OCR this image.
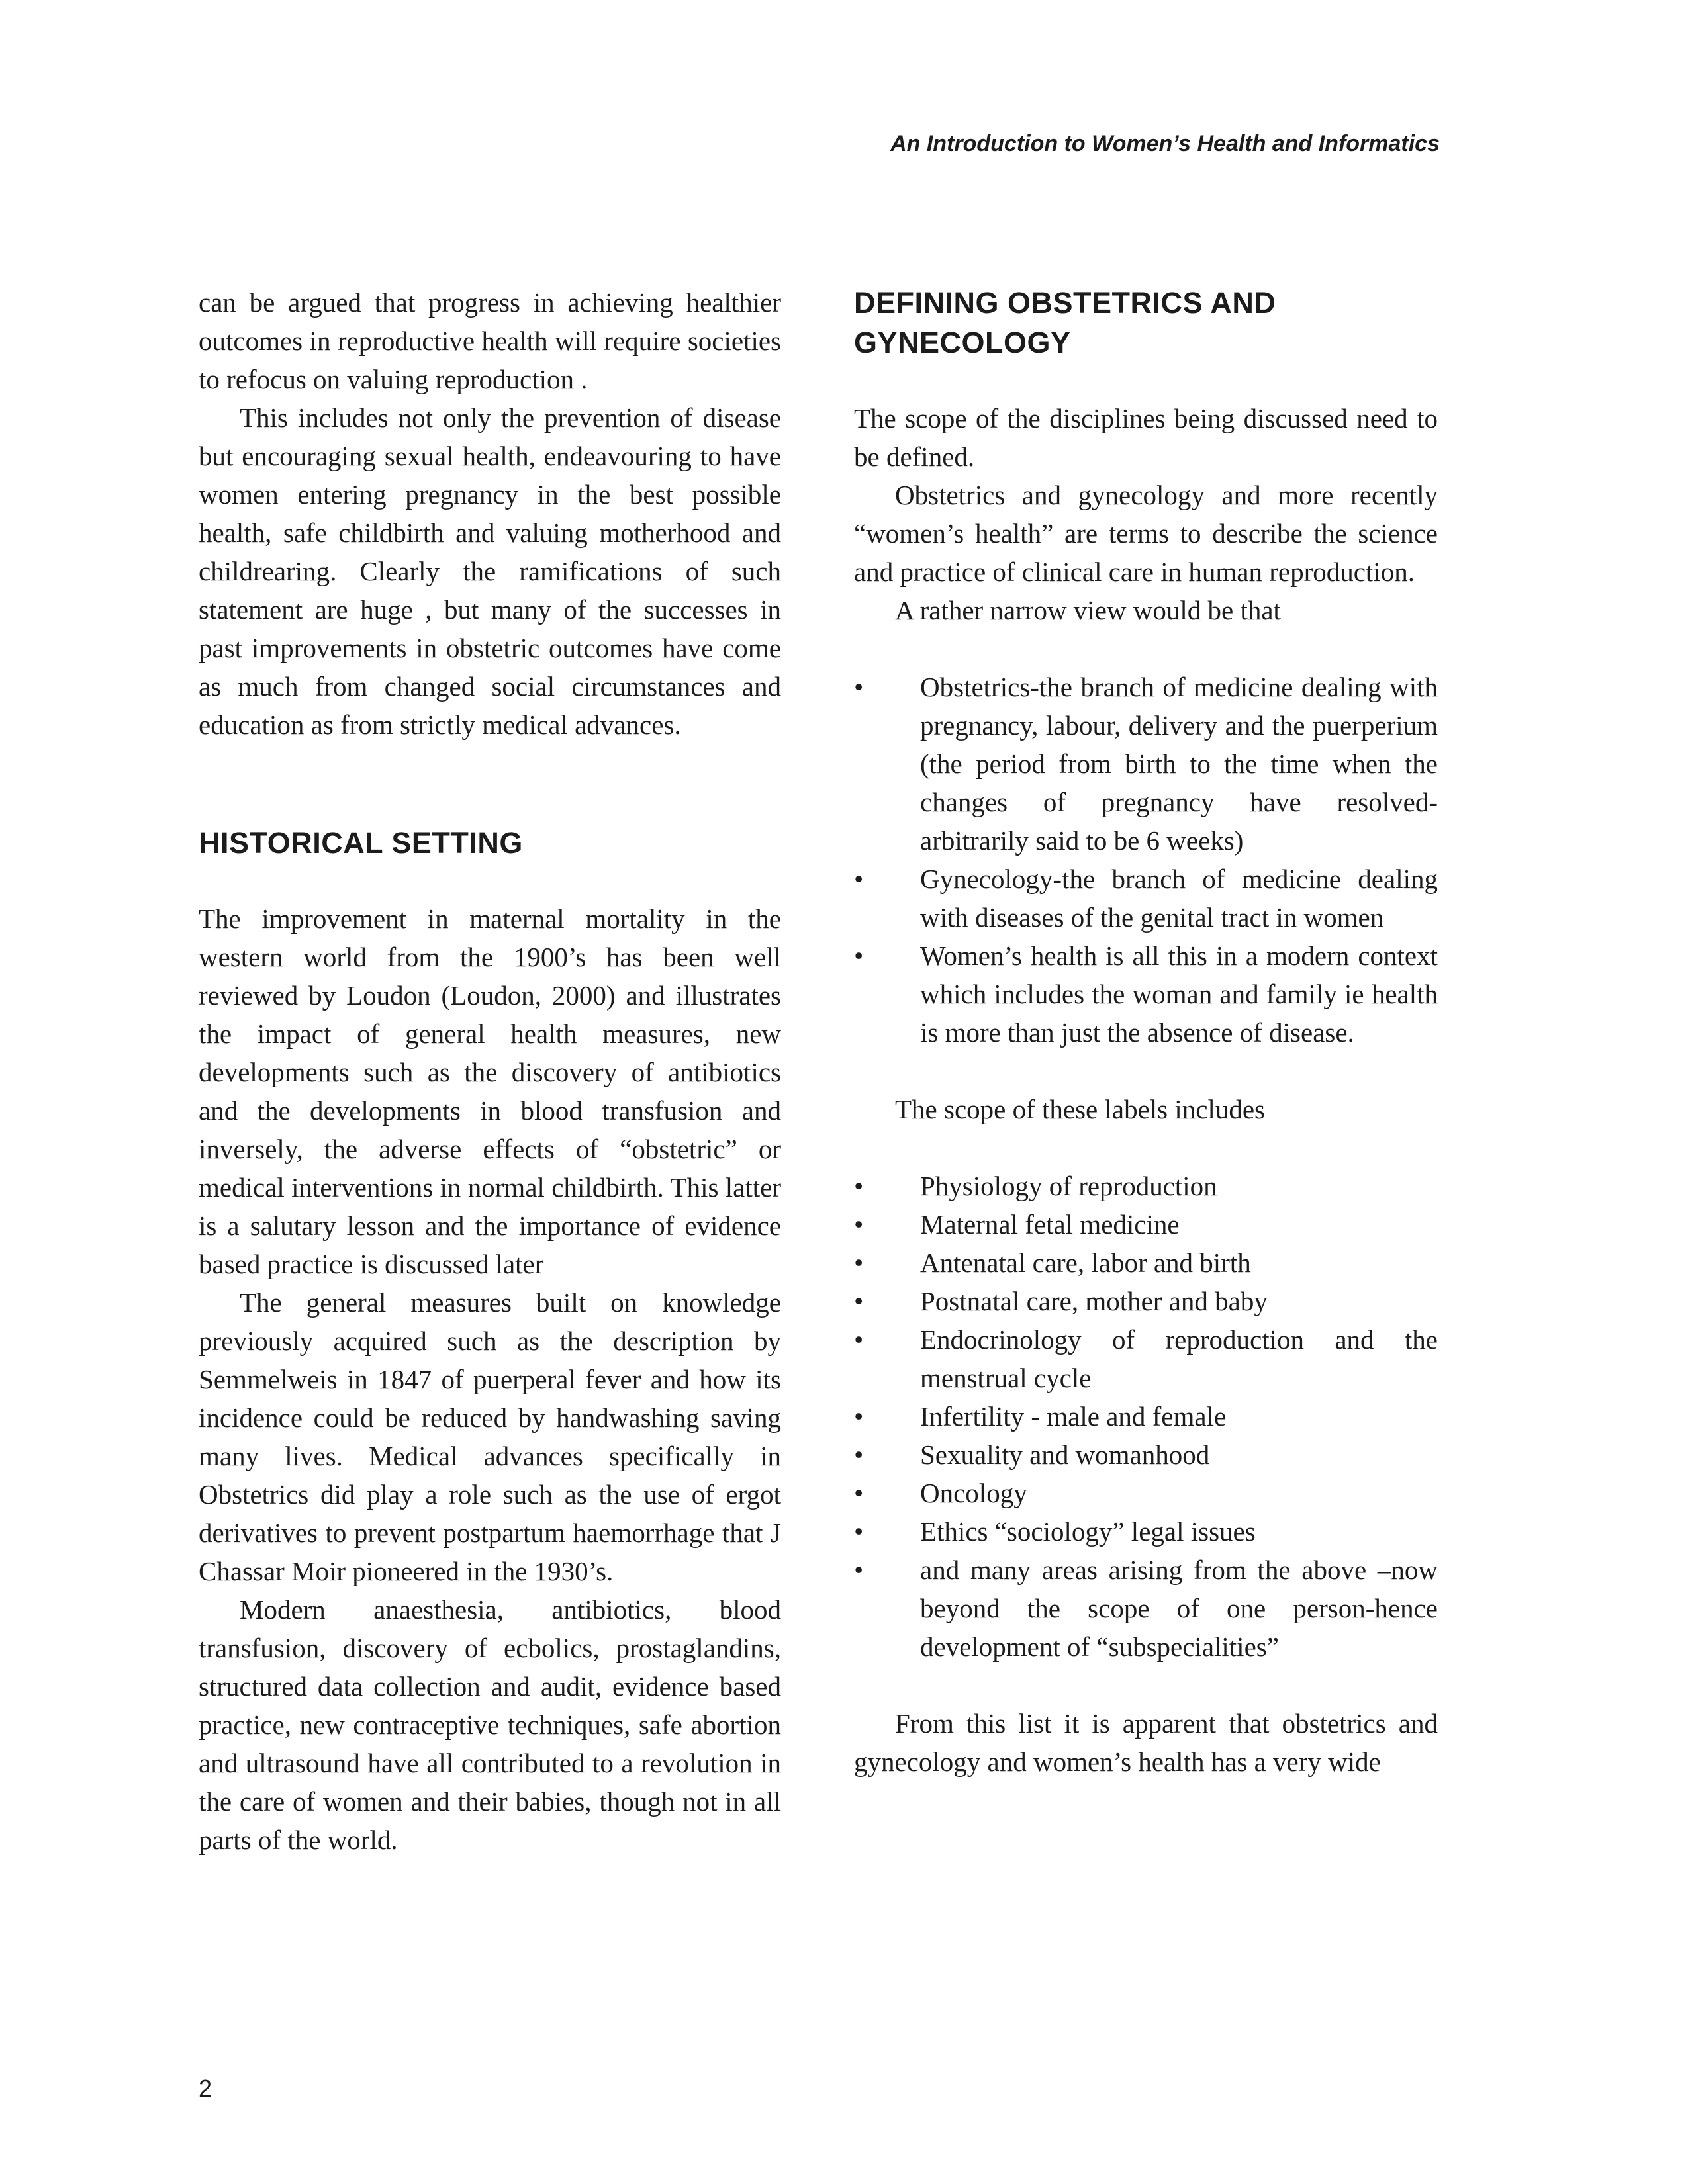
An Introduction to Women’s Health and Informatics

can be argued that progress in achieving healthier outcomes in reproductive health will require societies to refocus on valuing reproduction .

This includes not only the prevention of disease but encouraging sexual health, endeavouring to have women entering pregnancy in the best possible health, safe childbirth and valuing motherhood and childrearing. Clearly the ramifications of such statement are huge , but many of the successes in past improvements in obstetric outcomes have come as much from changed social circumstances and education as from strictly medical advances.

HISTORICAL SETTING

The improvement in maternal mortality in the western world from the 1900’s has been well reviewed by Loudon (Loudon, 2000) and illustrates the impact of general health measures, new developments such as the discovery of antibiotics and the developments in blood transfusion and inversely, the adverse effects of “obstetric” or medical interventions in normal childbirth. This latter is a salutary lesson and the importance of evidence based practice is discussed later

The general measures built on knowledge previously acquired such as the description by Semmelweis in 1847 of puerperal fever and how its incidence could be reduced by handwashing saving many lives. Medical advances specifically in Obstetrics did play a role such as the use of ergot derivatives to prevent postpartum haemorrhage that J Chassar Moir pioneered in the 1930’s.

Modern anaesthesia, antibiotics, blood transfusion, discovery of ecbolics, prostaglandins, structured data collection and audit, evidence based practice, new contraceptive techniques, safe abortion and ultrasound have all contributed to a revolution in the care of women and their babies, though not in all parts of the world.

DEFINING OBSTETRICS AND GYNECOLOGY

The scope of the disciplines being discussed need to be defined.

Obstetrics and gynecology and more recently “women’s health” are terms to describe the science and practice of clinical care in human reproduction.

A rather narrow view would be that

• Obstetrics-the branch of medicine dealing with pregnancy, labour, delivery and the puerperium (the period from birth to the time when the changes of pregnancy have resolved- arbitrarily said to be 6 weeks)
• Gynecology-the branch of medicine dealing with diseases of the genital tract in women
• Women’s health is all this in a modern context which includes the woman and family ie health is more than just the absence of disease.

The scope of these labels includes

• Physiology of reproduction
• Maternal fetal medicine
• Antenatal care, labor and birth
• Postnatal care, mother and baby
• Endocrinology of reproduction and the menstrual cycle
• Infertility - male and female
• Sexuality and womanhood
• Oncology
• Ethics “sociology” legal issues
• and many areas arising from the above –now beyond the scope of one person-hence development of “subspecialities”

From this list it is apparent that obstetrics and gynecology and women’s health has a very wide

2
